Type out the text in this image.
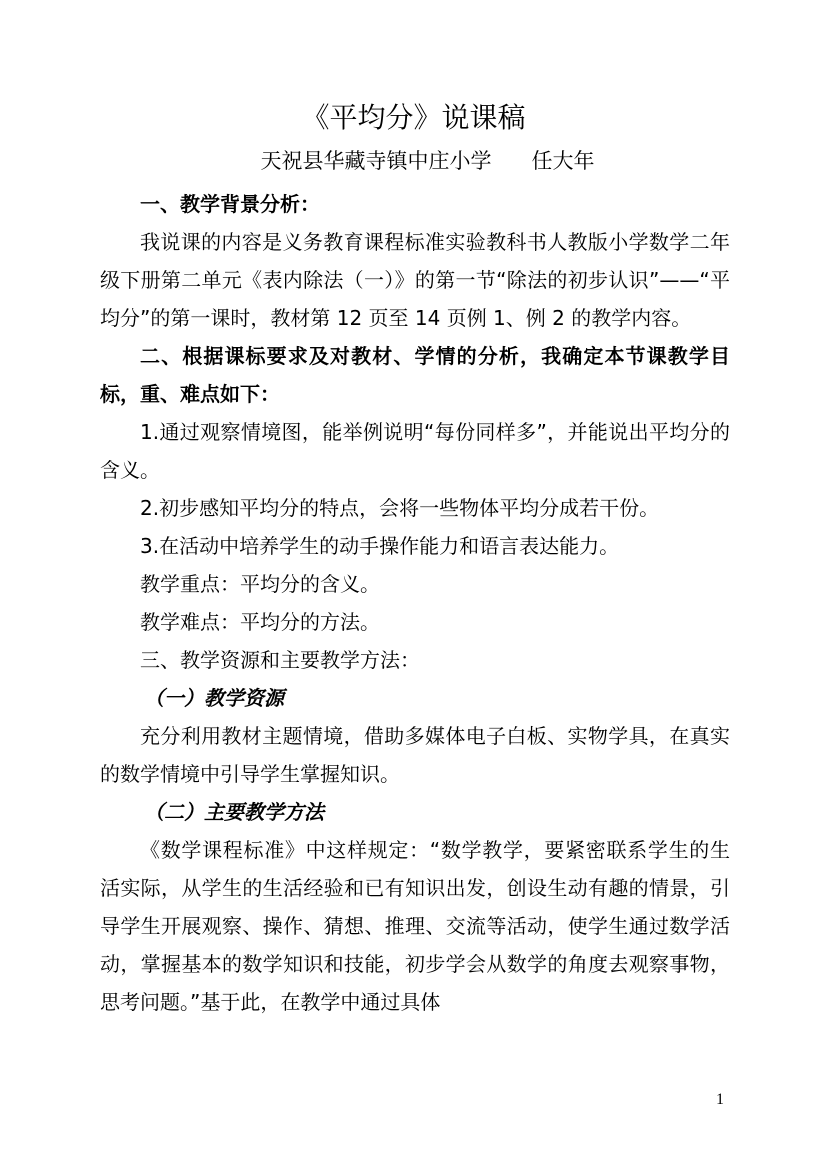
《平均分》说课稿
天祝县华藏寺镇中庄小学      任大年

一、教学背景分析：

我说课的内容是义务教育课程标准实验教科书人教版小学数学二年级下册第二单元《表内除法（一）》的第一节“除法的初步认识”——“平均分”的第一课时，教材第 12 页至 14 页例 1、例 2 的教学内容。

二、根据课标要求及对教材、学情的分析，我确定本节课教学目标，重、难点如下：

1.通过观察情境图，能举例说明“每份同样多”，并能说出平均分的含义。

2.初步感知平均分的特点，会将一些物体平均分成若干份。

3.在活动中培养学生的动手操作能力和语言表达能力。

教学重点：平均分的含义。

教学难点：平均分的方法。

三、教学资源和主要教学方法：

（一）教学资源

充分利用教材主题情境，借助多媒体电子白板、实物学具，在真实的数学情境中引导学生掌握知识。

（二）主要教学方法

《数学课程标准》中这样规定：“数学教学，要紧密联系学生的生活实际，从学生的生活经验和已有知识出发，创设生动有趣的情景，引导学生开展观察、操作、猜想、推理、交流等活动，使学生通过数学活动，掌握基本的数学知识和技能，初步学会从数学的角度去观察事物，思考问题。”基于此，在教学中通过具体

1
